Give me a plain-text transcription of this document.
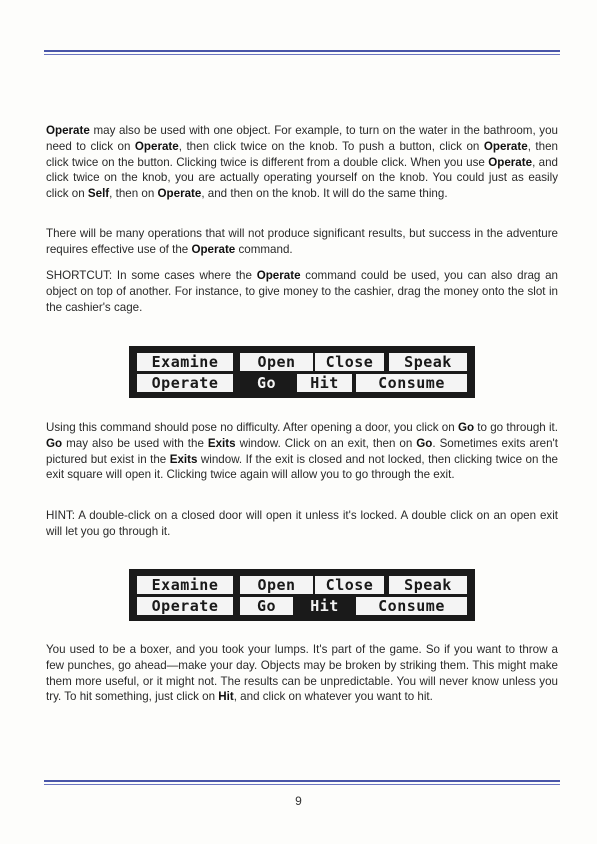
Operate may also be used with one object. For example, to turn on the water in the bathroom, you need to click on Operate, then click twice on the knob. To push a button, click on Operate, then click twice on the button. Clicking twice is different from a double click. When you use Operate, and click twice on the knob, you are actually operating yourself on the knob. You could just as easily click on Self, then on Operate, and then on the knob. It will do the same thing.

There will be many operations that will not produce significant results, but success in the adventure requires effective use of the Operate command.

SHORTCUT: In some cases where the Operate command could be used, you can also drag an object on top of another. For instance, to give money to the cashier, drag the money onto the slot in the cashier's cage.

Examine	Open	Close	Speak
Operate	Go	Hit	Consume

Using this command should pose no difficulty. After opening a door, you click on Go to go through it. Go may also be used with the Exits window. Click on an exit, then on Go. Sometimes exits aren't pictured but exist in the Exits window. If the exit is closed and not locked, then clicking twice on the exit square will open it. Clicking twice again will allow you to go through the exit.

HINT: A double-click on a closed door will open it unless it's locked. A double click on an open exit will let you go through it.

Examine	Open	Close	Speak
Operate	Go	Hit	Consume

You used to be a boxer, and you took your lumps. It's part of the game. So if you want to throw a few punches, go ahead—make your day. Objects may be broken by striking them. This might make them more useful, or it might not. The results can be unpredictable. You will never know unless you try. To hit something, just click on Hit, and click on whatever you want to hit.

9
